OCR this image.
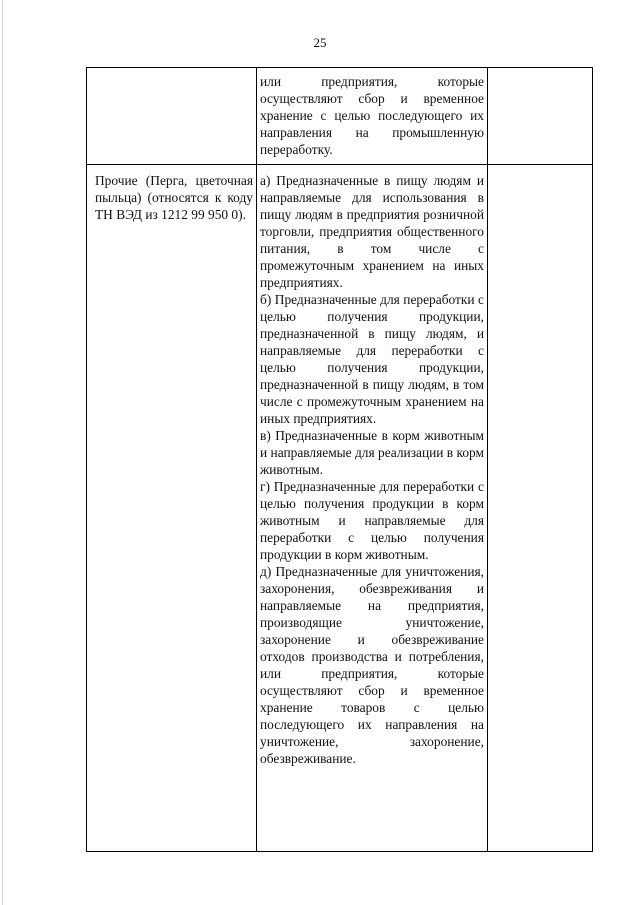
25

или предприятия, которые осуществляют сбор и временное хранение с целью последующего их направления на промышленную переработку.

Прочие (Перга, цветочная пыльца) (относятся к коду ТН ВЭД из 1212 99 950 0).

а) Предназначенные в пищу людям и направляемые для использования в пищу людям в предприятия розничной торговли, предприятия общественного питания, в том числе с промежуточным хранением на иных предприятиях.

б) Предназначенные для переработки с целью получения продукции, предназначенной в пищу людям, и направляемые для переработки с целью получения продукции, предназначенной в пищу людям, в том числе с промежуточным хранением на иных предприятиях.

в) Предназначенные в корм животным и направляемые для реализации в корм животным.

г) Предназначенные для переработки с целью получения продукции в корм животным и направляемые для переработки с целью получения продукции в корм животным.

д) Предназначенные для уничтожения, захоронения, обезвреживания и направляемые на предприятия, производящие уничтожение, захоронение и обезвреживание отходов производства и потребления, или предприятия, которые осуществляют сбор и временное хранение товаров с целью последующего их направления на уничтожение, захоронение, обезвреживание.
